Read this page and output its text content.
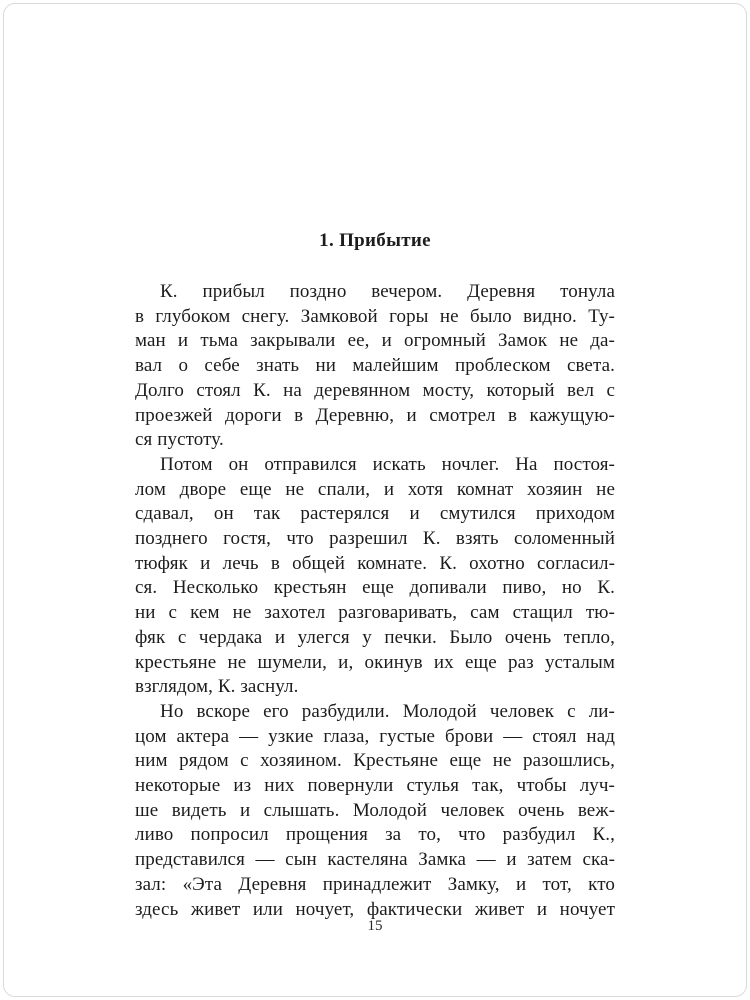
1. Прибытие

К. прибыл поздно вечером. Деревня тонула
в глубоком снегу. Замковой горы не было видно. Ту-
ман и тьма закрывали ее, и огромный Замок не да-
вал о себе знать ни малейшим проблеском света.
Долго стоял К. на деревянном мосту, который вел с
проезжей дороги в Деревню, и смотрел в кажущую-
ся пустоту.

Потом он отправился искать ночлег. На постоя-
лом дворе еще не спали, и хотя комнат хозяин не
сдавал, он так растерялся и смутился приходом
позднего гостя, что разрешил К. взять соломенный
тюфяк и лечь в общей комнате. К. охотно согласил-
ся. Несколько крестьян еще допивали пиво, но К.
ни с кем не захотел разговаривать, сам стащил тю-
фяк с чердака и улегся у печки. Было очень тепло,
крестьяне не шумели, и, окинув их еще раз усталым
взглядом, К. заснул.

Но вскоре его разбудили. Молодой человек с ли-
цом актера — узкие глаза, густые брови — стоял над
ним рядом с хозяином. Крестьяне еще не разошлись,
некоторые из них повернули стулья так, чтобы луч-
ше видеть и слышать. Молодой человек очень веж-
ливо попросил прощения за то, что разбудил К.,
представился — сын кастеляна Замка — и затем ска-
зал: «Эта Деревня принадлежит Замку, и тот, кто
здесь живет или ночует, фактически живет и ночует

15
